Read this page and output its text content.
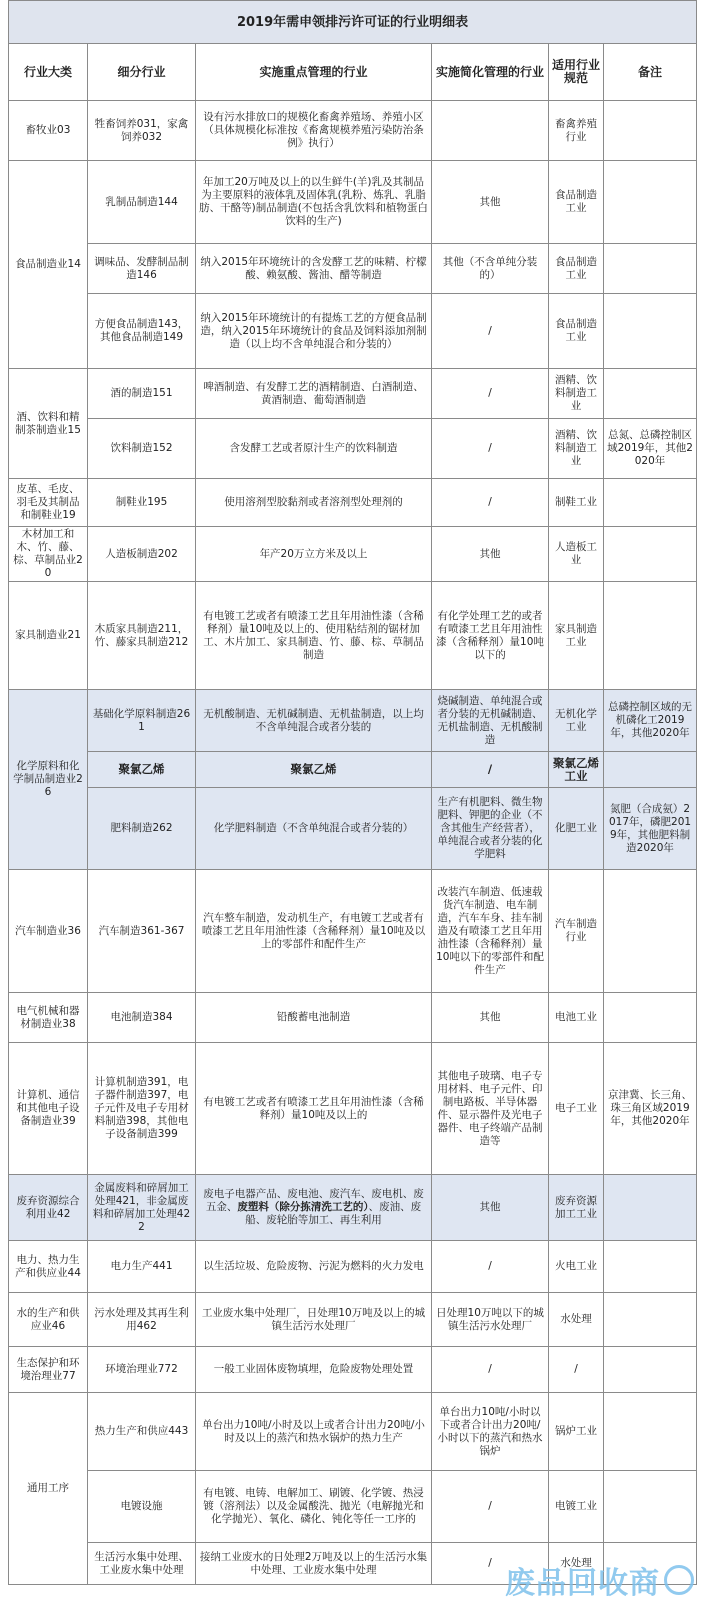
2019年需申领排污许可证的行业明细表					
行业大类	细分行业	实施重点管理的行业	实施简化管理的行业	适用行业规范	备注
畜牧业03	牲畜饲养031，家禽饲养032	设有污水排放口的规模化畜禽养殖场、养殖小区（具体规模化标准按《畜禽规模养殖污染防治条例》执行）		畜禽养殖行业	
食品制造业14	乳制品制造144	年加工20万吨及以上的以生鲜牛(羊)乳及其制品为主要原料的液体乳及固体乳(乳粉、炼乳、乳脂肪、干酪等)制品制造(不包括含乳饮料和植物蛋白饮料的生产)	其他	食品制造工业	
	调味品、发酵制品制造146	纳入2015年环境统计的含发酵工艺的味精、柠檬酸、赖氨酸、酱油、醋等制造	其他（不含单纯分装的）	食品制造工业	
	方便食品制造143，其他食品制造149	纳入2015年环境统计的有提炼工艺的方便食品制造，纳入2015年环境统计的食品及饲料添加剂制造（以上均不含单纯混合和分装的）	/	食品制造工业	
酒、饮料和精制茶制造业15	酒的制造151	啤酒制造、有发酵工艺的酒精制造、白酒制造、黄酒制造、葡萄酒制造	/	酒精、饮料制造工业	
	饮料制造152	含发酵工艺或者原汁生产的饮料制造	/	酒精、饮料制造工业	总氮、总磷控制区域2019年，其他2020年
皮革、毛皮、羽毛及其制品和制鞋业19	制鞋业195	使用溶剂型胶黏剂或者溶剂型处理剂的	/	制鞋工业	
木材加工和木、竹、藤、棕、草制品业20	人造板制造202	年产20万立方米及以上	其他	人造板工业	
家具制造业21	木质家具制造211，竹、藤家具制造212	有电镀工艺或者有喷漆工艺且年用油性漆（含稀释剂）量10吨及以上的、使用粘结剂的锯材加工、木片加工、家具制造、竹、藤、棕、草制品制造	有化学处理工艺的或者有喷漆工艺且年用油性漆（含稀释剂）量10吨以下的	家具制造工业	
化学原料和化学制品制造业26	基础化学原料制造261	无机酸制造、无机碱制造、无机盐制造，以上均不含单纯混合或者分装的	烧碱制造、单纯混合或者分装的无机碱制造、无机盐制造、无机酸制造	无机化学工业	总磷控制区域的无机磷化工2019年，其他2020年
	聚氯乙烯	聚氯乙烯	/	聚氯乙烯工业	
	肥料制造262	化学肥料制造（不含单纯混合或者分装的）	生产有机肥料、微生物肥料、钾肥的企业（不含其他生产经营者），单纯混合或者分装的化学肥料	化肥工业	氮肥（合成氨）2017年，磷肥2019年，其他肥料制造2020年
汽车制造业36	汽车制造361-367	汽车整车制造，发动机生产，有电镀工艺或者有喷漆工艺且年用油性漆（含稀释剂）量10吨及以上的零部件和配件生产	改装汽车制造、低速载货汽车制造、电车制造，汽车车身、挂车制造及有喷漆工艺且年用油性漆（含稀释剂）量10吨以下的零部件和配件生产	汽车制造行业	
电气机械和器材制造业38	电池制造384	铅酸蓄电池制造	其他	电池工业	
计算机、通信和其他电子设备制造业39	计算机制造391，电子器件制造397，电子元件及电子专用材料制造398，其他电子设备制造399	有电镀工艺或者有喷漆工艺且年用油性漆（含稀释剂）量10吨及以上的	其他电子玻璃、电子专用材料、电子元件、印制电路板、半导体器件、显示器件及光电子器件、电子终端产品制造等	电子工业	京津冀、长三角、珠三角区域2019年，其他2020年
废弃资源综合利用业42	金属废料和碎屑加工处理421，非金属废料和碎屑加工处理422	废电子电器产品、废电池、废汽车、废电机、废五金、废塑料（除分拣清洗工艺的）、废油、废船、废轮胎等加工、再生利用	其他	废弃资源加工工业	
电力、热力生产和供应业44	电力生产441	以生活垃圾、危险废物、污泥为燃料的火力发电	/	火电工业	
水的生产和供应业46	污水处理及其再生利用462	工业废水集中处理厂，日处理10万吨及以上的城镇生活污水处理厂	日处理10万吨以下的城镇生活污水处理厂	水处理	
生态保护和环境治理业77	环境治理业772	一般工业固体废物填埋，危险废物处理处置	/	/	
通用工序	热力生产和供应443	单台出力10吨/小时及以上或者合计出力20吨/小时及以上的蒸汽和热水锅炉的热力生产	单台出力10吨/小时以下或者合计出力20吨/小时以下的蒸汽和热水锅炉	锅炉工业	
	电镀设施	有电镀、电铸、电解加工、刷镀、化学镀、热浸镀（溶剂法）以及金属酸洗、抛光（电解抛光和化学抛光）、氧化、磷化、钝化等任一工序的	/	电镀工业	
	生活污水集中处理、工业废水集中处理	接纳工业废水的日处理2万吨及以上的生活污水集中处理、工业废水集中处理	/	水处理	
废品回收商
